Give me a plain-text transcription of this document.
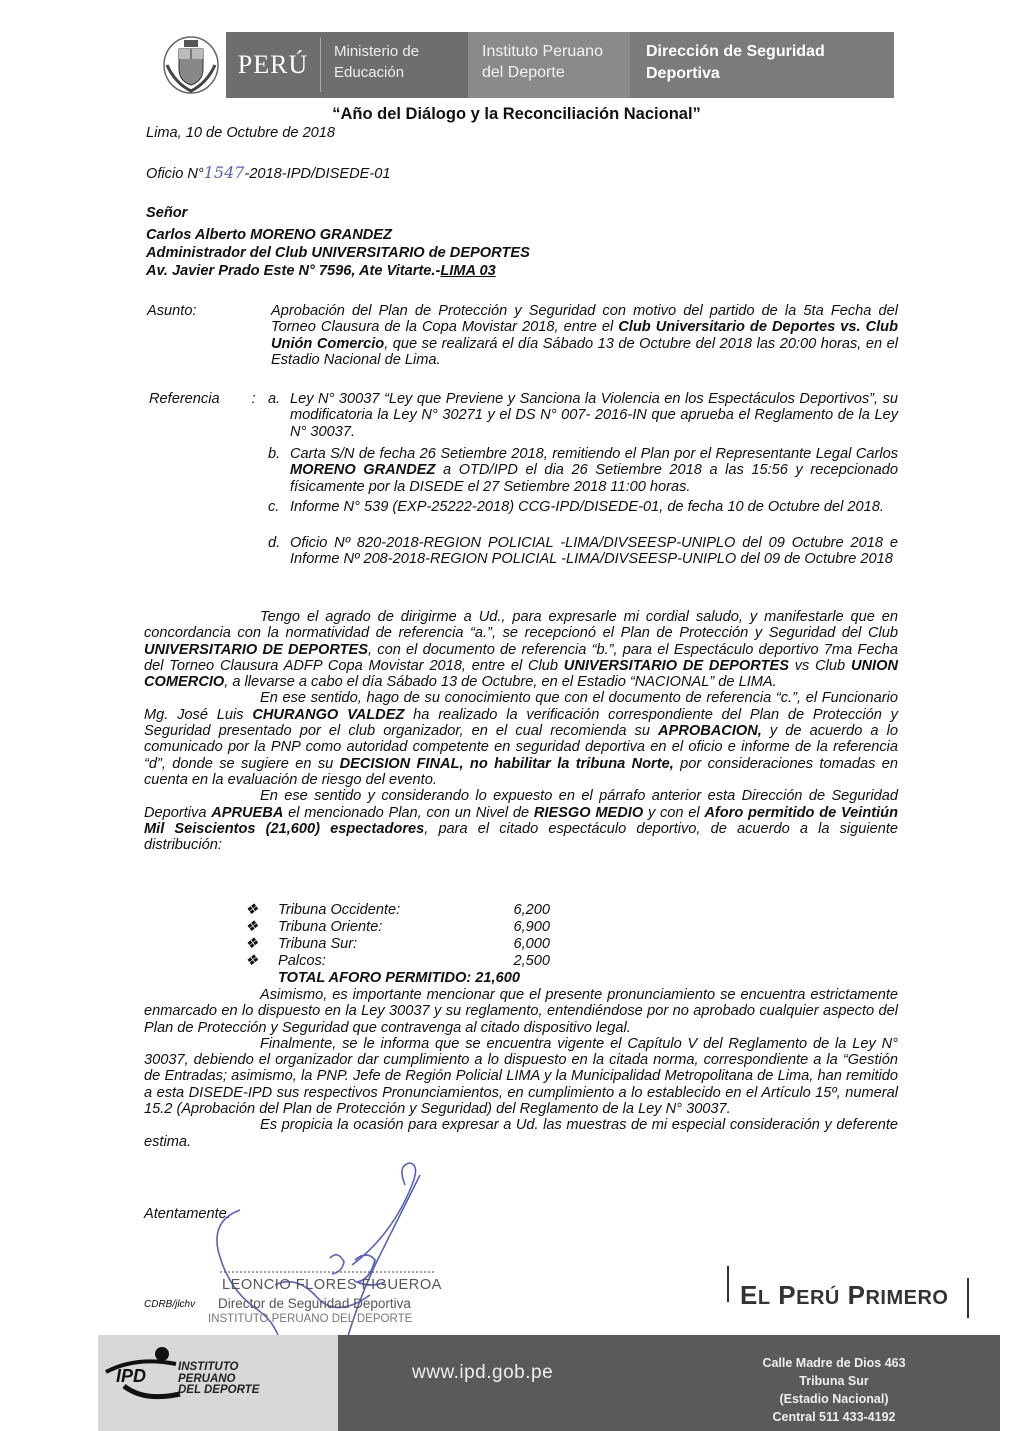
PERÚ	Ministerio de
Educación
Instituto Peruano
del Deporte
Dirección de Seguridad
Deportiva
“Año del Diálogo y la Reconciliación Nacional”
Lima, 10 de Octubre de 2018
Oficio N°1547-2018-IPD/DISEDE-01
Señor
Carlos Alberto MORENO GRANDEZ
Administrador del Club UNIVERSITARIO de DEPORTES
Av. Javier Prado Este N° 7596, Ate Vitarte.-LIMA 03
Asunto:	Aprobación del Plan de Protección y Seguridad con motivo del partido de la 5ta Fecha del Torneo Clausura de la Copa Movistar 2018, entre el Club Universitario de Deportes vs. Club Unión Comercio, que se realizará el día Sábado 13 de Octubre del 2018 las 20:00 horas, en el Estadio Nacional de Lima.
Referencia : a. Ley N° 30037 “Ley que Previene y Sanciona la Violencia en los Espectáculos Deportivos”, su modificatoria la Ley N° 30271 y el DS N° 007- 2016-IN que aprueba el Reglamento de la Ley N° 30037.
b. Carta S/N de fecha 26 Setiembre 2018, remitiendo el Plan por el Representante Legal Carlos MORENO GRANDEZ a OTD/IPD el dia 26 Setiembre 2018 a las 15:56 y recepcionado físicamente por la DISEDE el 27 Setiembre 2018 11:00 horas.
c. Informe N° 539 (EXP-25222-2018) CCG-IPD/DISEDE-01, de fecha 10 de Octubre del 2018.
d. Oficio Nº 820-2018-REGION POLICIAL -LIMA/DIVSEESP-UNIPLO del 09 Octubre 2018 e Informe Nº 208-2018-REGION POLICIAL -LIMA/DIVSEESP-UNIPLO del 09 de Octubre 2018

Tengo el agrado de dirigirme a Ud., para expresarle mi cordial saludo, y manifestarle que en concordancia con la normatividad de referencia “a.”, se recepcionó el Plan de Protección y Seguridad del Club UNIVERSITARIO DE DEPORTES, con el documento de referencia “b.”, para el Espectáculo deportivo 7ma Fecha del Torneo Clausura ADFP Copa Movistar 2018, entre el Club UNIVERSITARIO DE DEPORTES vs Club UNION COMERCIO, a llevarse a cabo el día Sábado 13 de Octubre, en el Estadio “NACIONAL” de LIMA.

En ese sentido, hago de su conocimiento que con el documento de referencia “c.”, el Funcionario Mg. José Luis CHURANGO VALDEZ ha realizado la verificación correspondiente del Plan de Protección y Seguridad presentado por el club organizador, en el cual recomienda su APROBACION, y de acuerdo a lo comunicado por la PNP como autoridad competente en seguridad deportiva en el oficio e informe de la referencia “d”, donde se sugiere en su DECISION FINAL, no habilitar la tribuna Norte, por consideraciones tomadas en cuenta en la evaluación de riesgo del evento.

En ese sentido y considerando lo expuesto en el párrafo anterior esta Dirección de Seguridad Deportiva APRUEBA el mencionado Plan, con un Nivel de RIESGO MEDIO y con el Aforo permitido de Veintiún Mil Seiscientos (21,600) espectadores, para el citado espectáculo deportivo, de acuerdo a la siguiente distribución:

❖ Tribuna Occidente:	6,200
❖ Tribuna Oriente:	6,900
❖ Tribuna Sur:	6,000
❖ Palcos:	2,500
TOTAL AFORO PERMITIDO: 21,600

Asimismo, es importante mencionar que el presente pronunciamiento se encuentra estrictamente enmarcado en lo dispuesto en la Ley 30037 y su reglamento, entendiéndose por no aprobado cualquier aspecto del Plan de Protección y Seguridad que contravenga al citado dispositivo legal.

Finalmente, se le informa que se encuentra vigente el Capítulo V del Reglamento de la Ley N° 30037, debiendo el organizador dar cumplimiento a lo dispuesto en la citada norma, correspondiente a la “Gestión de Entradas; asimismo, la PNP. Jefe de Región Policial LIMA y la Municipalidad Metropolitana de Lima, han remitido a esta DISEDE-IPD sus respectivos Pronunciamientos, en cumplimiento a lo establecido en el Artículo 15º, numeral 15.2 (Aprobación del Plan de Protección y Seguridad) del Reglamento de la Ley N° 30037.

Es propicia la ocasión para expresar a Ud. las muestras de mi especial consideración y deferente estima.

Atentamente.
LEONCIO FLORES FIGUEROA
Director de Seguridad Deportiva
INSTITUTO PERUANO DEL DEPORTE
CDRB/jlchv	EL PERÚ PRIMERO
IPD	INSTITUTO
PERUANO
DEL DEPORTE
www.ipd.gob.pe	Calle Madre de Dios 463
Tribuna Sur
(Estadio Nacional)
Central 511 433-4192
